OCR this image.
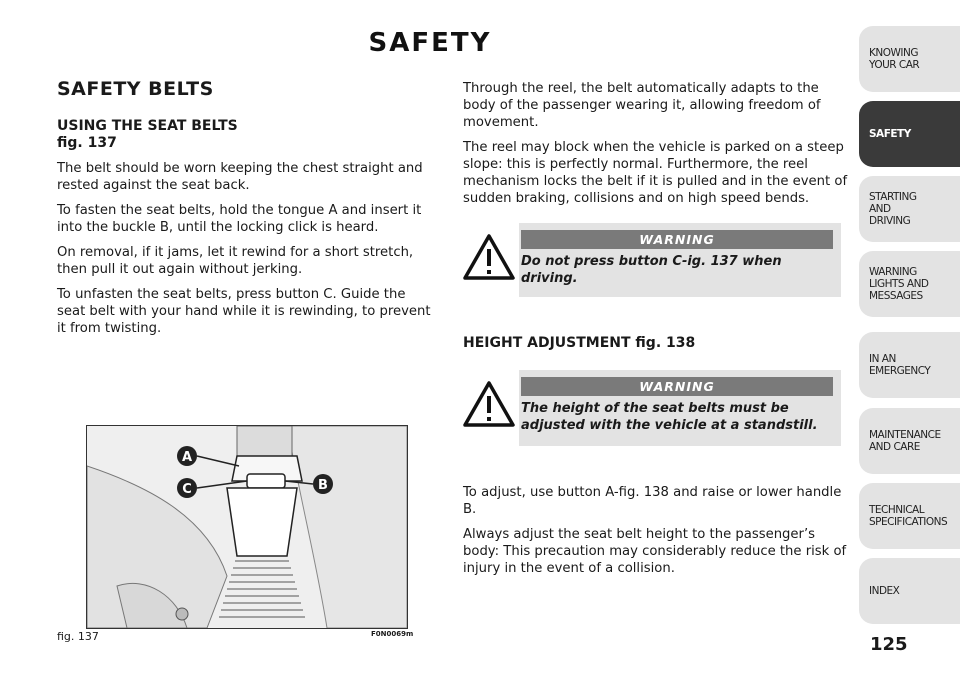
SAFETY
SAFETY BELTS
USING THE SEAT BELTS
fig. 137

The belt should be worn keeping the chest straight and rested against the seat back.

To fasten the seat belts, hold the tongue A and insert it into the buckle B, until the locking click is heard.

On removal, if it jams, let it rewind for a short stretch, then pull it out again without jerking.

To unfasten the seat belts, press button C. Guide the seat belt with your hand while it is rewinding, to prevent it from twisting.

A
C	B
fig. 137	F0N0069m

Through the reel, the belt automatically adapts to the body of the passenger wearing it, allowing freedom of movement.

The reel may block when the vehicle is parked on a steep slope: this is perfectly normal. Furthermore, the reel mechanism locks the belt if it is pulled and in the event of sudden braking, collisions and on high speed bends.

WARNING
Do not press button C-ig. 137 when driving.
HEIGHT ADJUSTMENT fig. 138
WARNING
The height of the seat belts must be adjusted with the vehicle at a standstill.

To adjust, use button A-fig. 138 and raise or lower handle B.

Always adjust the seat belt height to the passenger’s body: This precaution may considerably reduce the risk of injury in the event of a collision.

KNOWING
YOUR CAR
SAFETY
STARTING
AND
DRIVING
WARNING
LIGHTS AND
MESSAGES
IN AN
EMERGENCY
MAINTENANCE
AND CARE
TECHNICAL
SPECIFICATIONS
INDEX
125
